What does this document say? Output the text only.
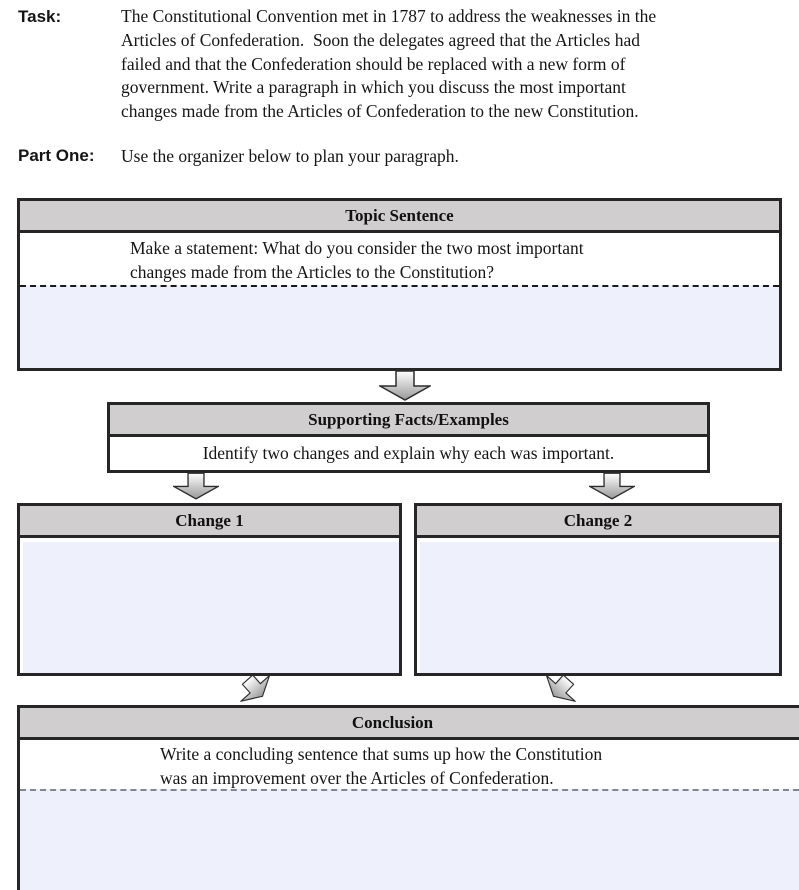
Task:	The Constitutional Convention met in 1787 to address the weaknesses in the
Articles of Confederation.  Soon the delegates agreed that the Articles had
failed and that the Confederation should be replaced with a new form of
government. Write a paragraph in which you discuss the most important
changes made from the Articles of Confederation to the new Constitution.
Part One: Use the organizer below to plan your paragraph.
Topic Sentence
Make a statement: What do you consider the two most important
changes made from the Articles to the Constitution?
Supporting Facts/Examples
Identify two changes and explain why each was important.
Change 1	Change 2
Conclusion
Write a concluding sentence that sums up how the Constitution
was an improvement over the Articles of Confederation.
